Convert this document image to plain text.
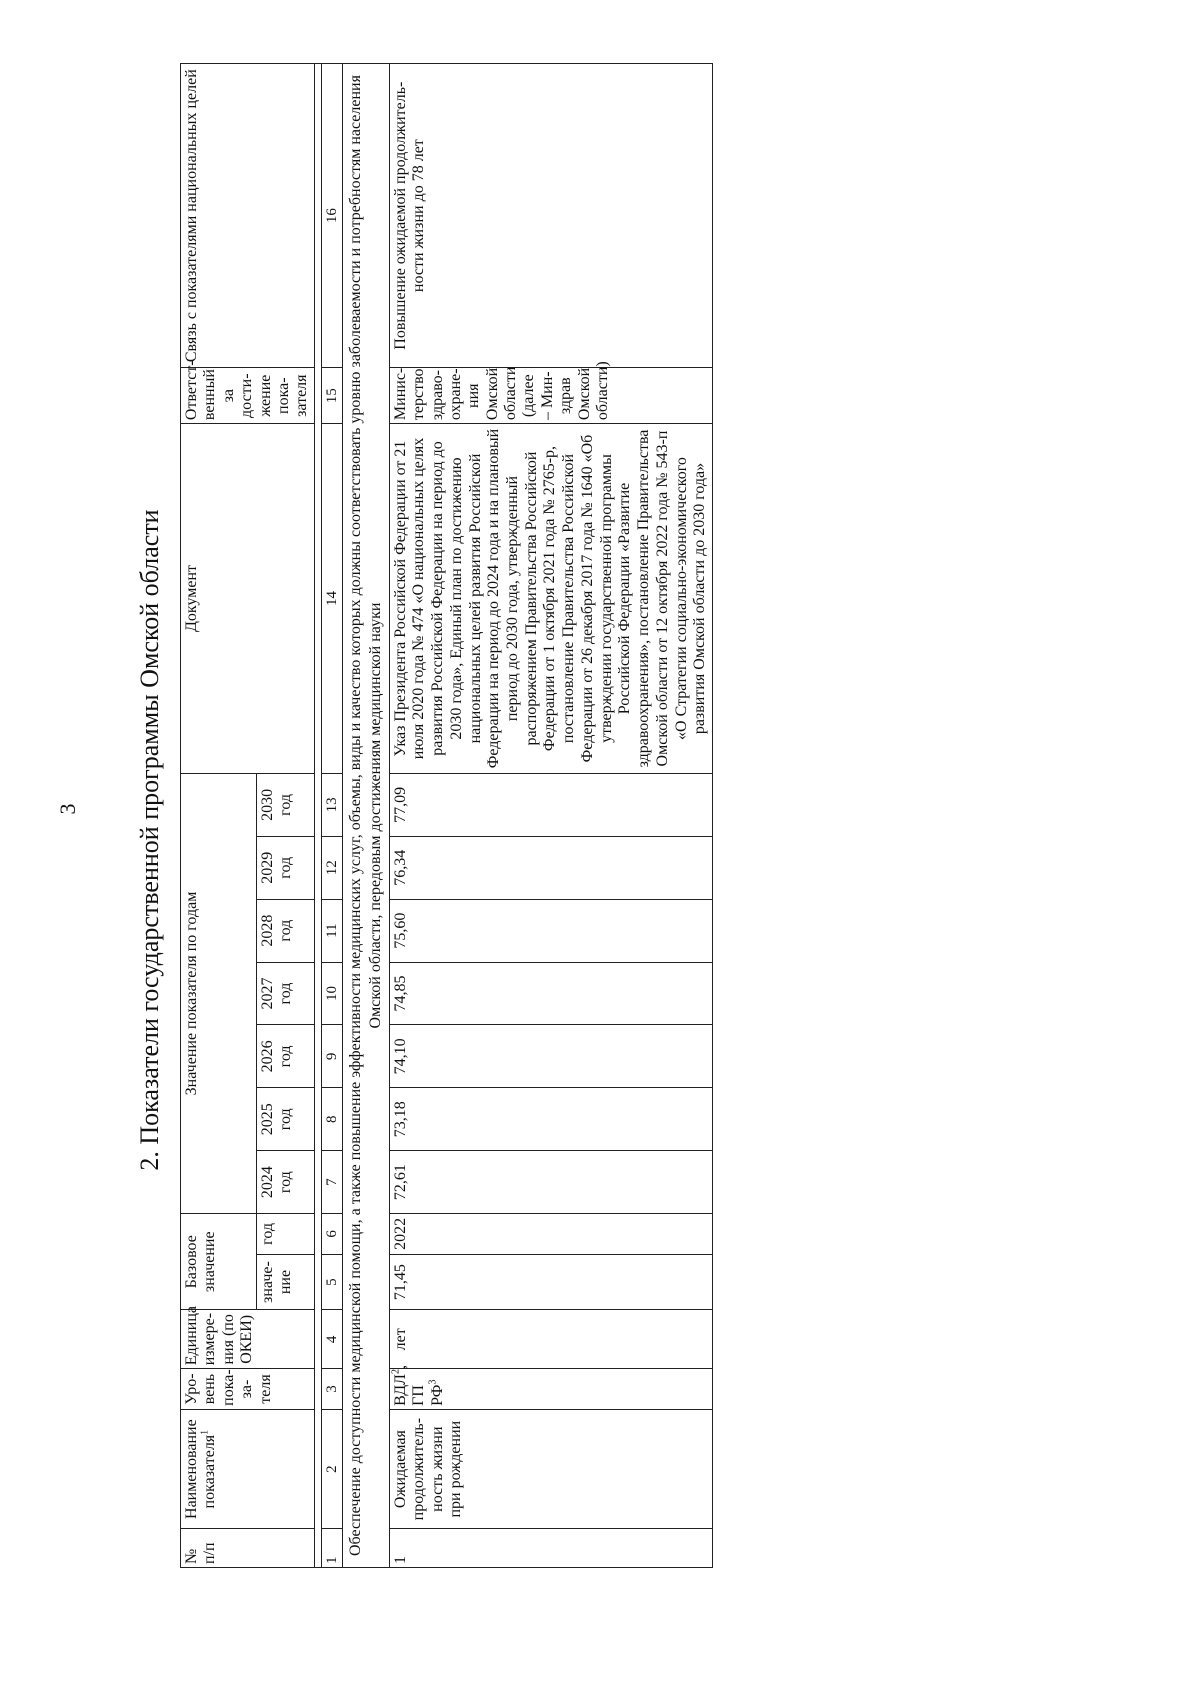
3 2. Показатели государственной программы Омской области
№ п/п	Наименование показателя$^1$	Уро-вень пока-за-теля	Единица измере-ния (по ОКЕИ)	Базовое значение		Значение показателя по годам							Документ	Ответст-венный за дости-жение пока-зателя	Связь с показателями национальных целей
				значе-ние	год	2024 год	2025 год	2026 год	2027 год	2028 год	2029 год	2030 год			

1	2	3	4	5	6	7	8	9	10	11	12	13	14	15	16
Обеспечение доступности медицинской помощи, а также повышение эффективности медицинских услуг, объемы, виды и качество которых должны соответствовать уровню заболеваемости и потребностям населения Омской области, передовым достижениям медицинской науки															
1	Ожидаемая продолжитель-ность жизни при рождении	ВДЛ$^2$, ГП $РФ^3$	лет	71,45	2022	72,61	73,18	74,10	74,85	75,60	76,34	77,09	Указ Президента Российской Федерации от 21 июля 2020 года № 474 «О национальных целях развития Российской Федерации на период до 2030 года», Единый план по достижению национальных целей развития Российской Федерации на период до 2024 года и на плановый период до 2030 года, утвержденный распоряжением Правительства Российской Федерации от 1 октября 2021 года № 2765-р, постановление Правительства Российской Федерации от 26 декабря 2017 года № 1640 «Об утверждении государственной программы Российской Федерации «Развитие здравоохранения», постановление Правительства Омской области от 12 октября 2022 года № 543-п «О Стратегии социально-экономического развития Омской области до 2030 года»	Минис-терство здраво-охране-ния Омской области (далее – Мин-здрав Омской области)	Повышение ожидаемой продолжитель-ности жизни до 78 лет
